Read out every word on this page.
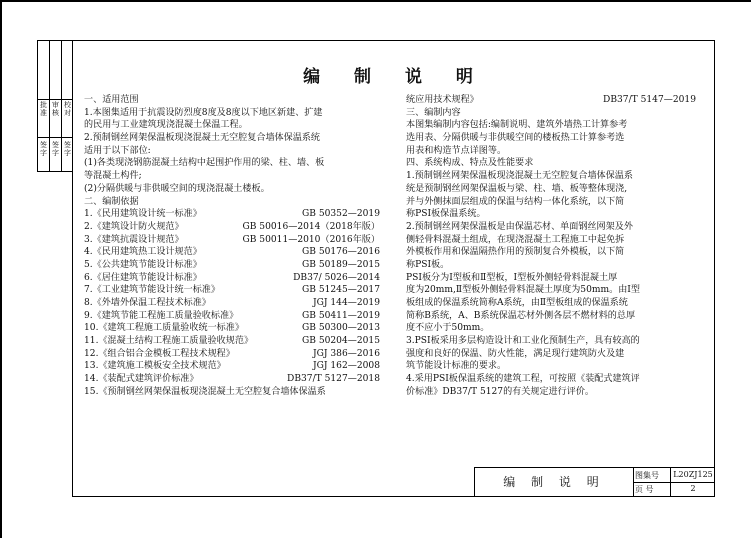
批准
审核
校对
签字
签字
签字
编 制 说 明
一、适用范围
1.本图集适用于抗震设防烈度8度及8度以下地区新建、扩建
的民用与工业建筑现浇混凝土保温工程。
2.预制钢丝网架保温板现浇混凝土无空腔复合墙体保温系统
适用于以下部位:
(1)各类现浇钢筋混凝土结构中起围护作用的梁、柱、墙、板
等混凝土构件;
(2)分隔供暖与非供暖空间的现浇混凝土楼板。
二、编制依据
1.《民用建筑设计统一标准》	GB 50352—2019
2.《建筑设计防火规范》	GB 50016—2014（2018年版）
3.《建筑抗震设计规范》	GB 50011—2010（2016年版）
4.《民用建筑热工设计规范》	GB 50176—2016
5.《公共建筑节能设计标准》	GB 50189—2015
6.《居住建筑节能设计标准》	DB37/ 5026—2014
7.《工业建筑节能设计统一标准》	GB 51245—2017
8.《外墙外保温工程技术标准》	JGJ 144—2019
9.《建筑节能工程施工质量验收标准》	GB 50411—2019
10.《建筑工程施工质量验收统一标准》	GB 50300—2013
11.《混凝土结构工程施工质量验收规范》	GB 50204—2015
12.《组合铝合金模板工程技术规程》	JGJ 386—2016
13.《建筑施工模板安全技术规范》	JGJ 162—2008
14.《装配式建筑评价标准》	DB37/T 5127—2018
15.《预制钢丝网架保温板现浇混凝土无空腔复合墙体保温系
统应用技术规程》	DB37/T 5147—2019
三、编制内容
本图集编制内容包括:编制说明、建筑外墙热工计算参考
选用表、分隔供暖与非供暖空间的楼板热工计算参考选
用表和构造节点详图等。
四、系统构成、特点及性能要求
1.预制钢丝网架保温板现浇混凝土无空腔复合墙体保温系
统是预制钢丝网架保温板与梁、柱、墙、板等整体现浇,
并与外侧抹面层组成的保温与结构一体化系统，以下简
称PSI板保温系统。
2.预制钢丝网架保温板是由保温芯材、单面钢丝网架及外
侧轻骨料混凝土组成，在现浇混凝土工程施工中起免拆
外模板作用和保温隔热作用的预制复合外模板，以下简
称PSI板。
PSI板分为Ⅰ型板和Ⅱ型板，Ⅰ型板外侧轻骨料混凝土厚
度为20mm,Ⅱ型板外侧轻骨料混凝土厚度为50mm。由Ⅰ型
板组成的保温系统简称A系统，由Ⅱ型板组成的保温系统
简称B系统，A、B系统保温芯材外侧各层不燃材料的总厚
度不应小于50mm。
3.PSI板采用多层构造设计和工业化预制生产，具有较高的
强度和良好的保温、防火性能，满足现行建筑防火及建
筑节能设计标准的要求。
4.采用PSI板保温系统的建筑工程，可按照《装配式建筑评
价标准》DB37/T 5127的有关规定进行评价。
编 制 说 明	图集号 L20ZJ125
页 号	2
